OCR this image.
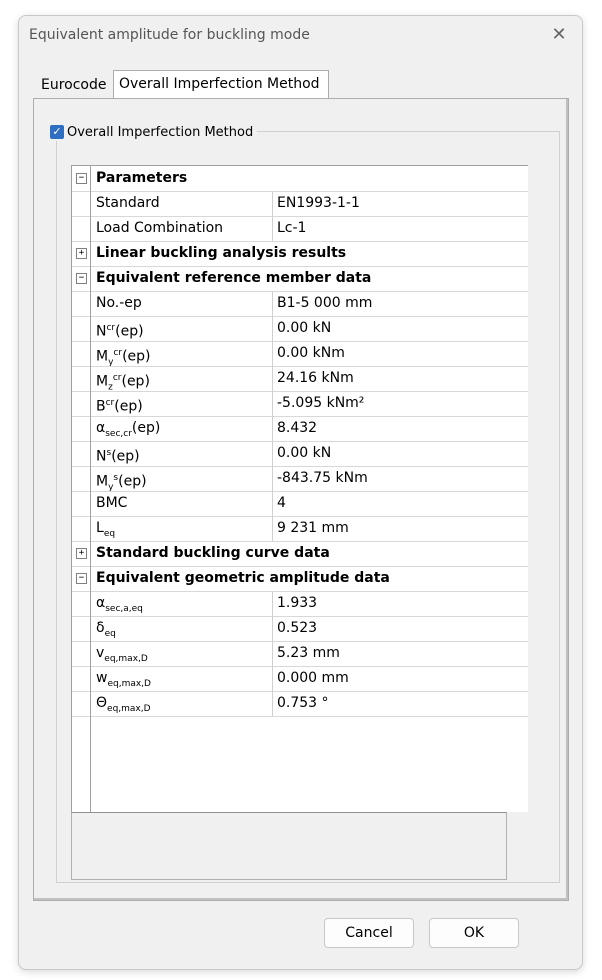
Equivalent amplitude for buckling mode	✕
Eurocode Overall Imperfection Method
✓ Overall Imperfection Method
− Parameters
Standard	EN1993-1-1
Load Combination	Lc-1
+ Linear buckling analysis results
− Equivalent reference member data
No.-ep	B1-5 000 mm
$N^{cr}(ep)$	0.00 kN
$M_y^{cr}(ep)$	0.00 kNm
$M_z^{cr}(ep)$	24.16 kNm
$B^{cr}(ep)$	-5.095 kNm²
$\alpha_{sec,cr}(ep)$	8.432
$N^s(ep)$	0.00 kN
$M_y^s(ep)$	-843.75 kNm
BMC	4
$L_{eq}$	9 231 mm
+ Standard buckling curve data
− Equivalent geometric amplitude data
$\alpha_{sec,a,eq}$	1.933
$\delta_{eq}$	0.523
$v_{eq,max,D}$	5.23 mm
$w_{eq,max,D}$	0.000 mm
$\Theta_{eq,max,D}$	0.753 °
Cancel	OK
